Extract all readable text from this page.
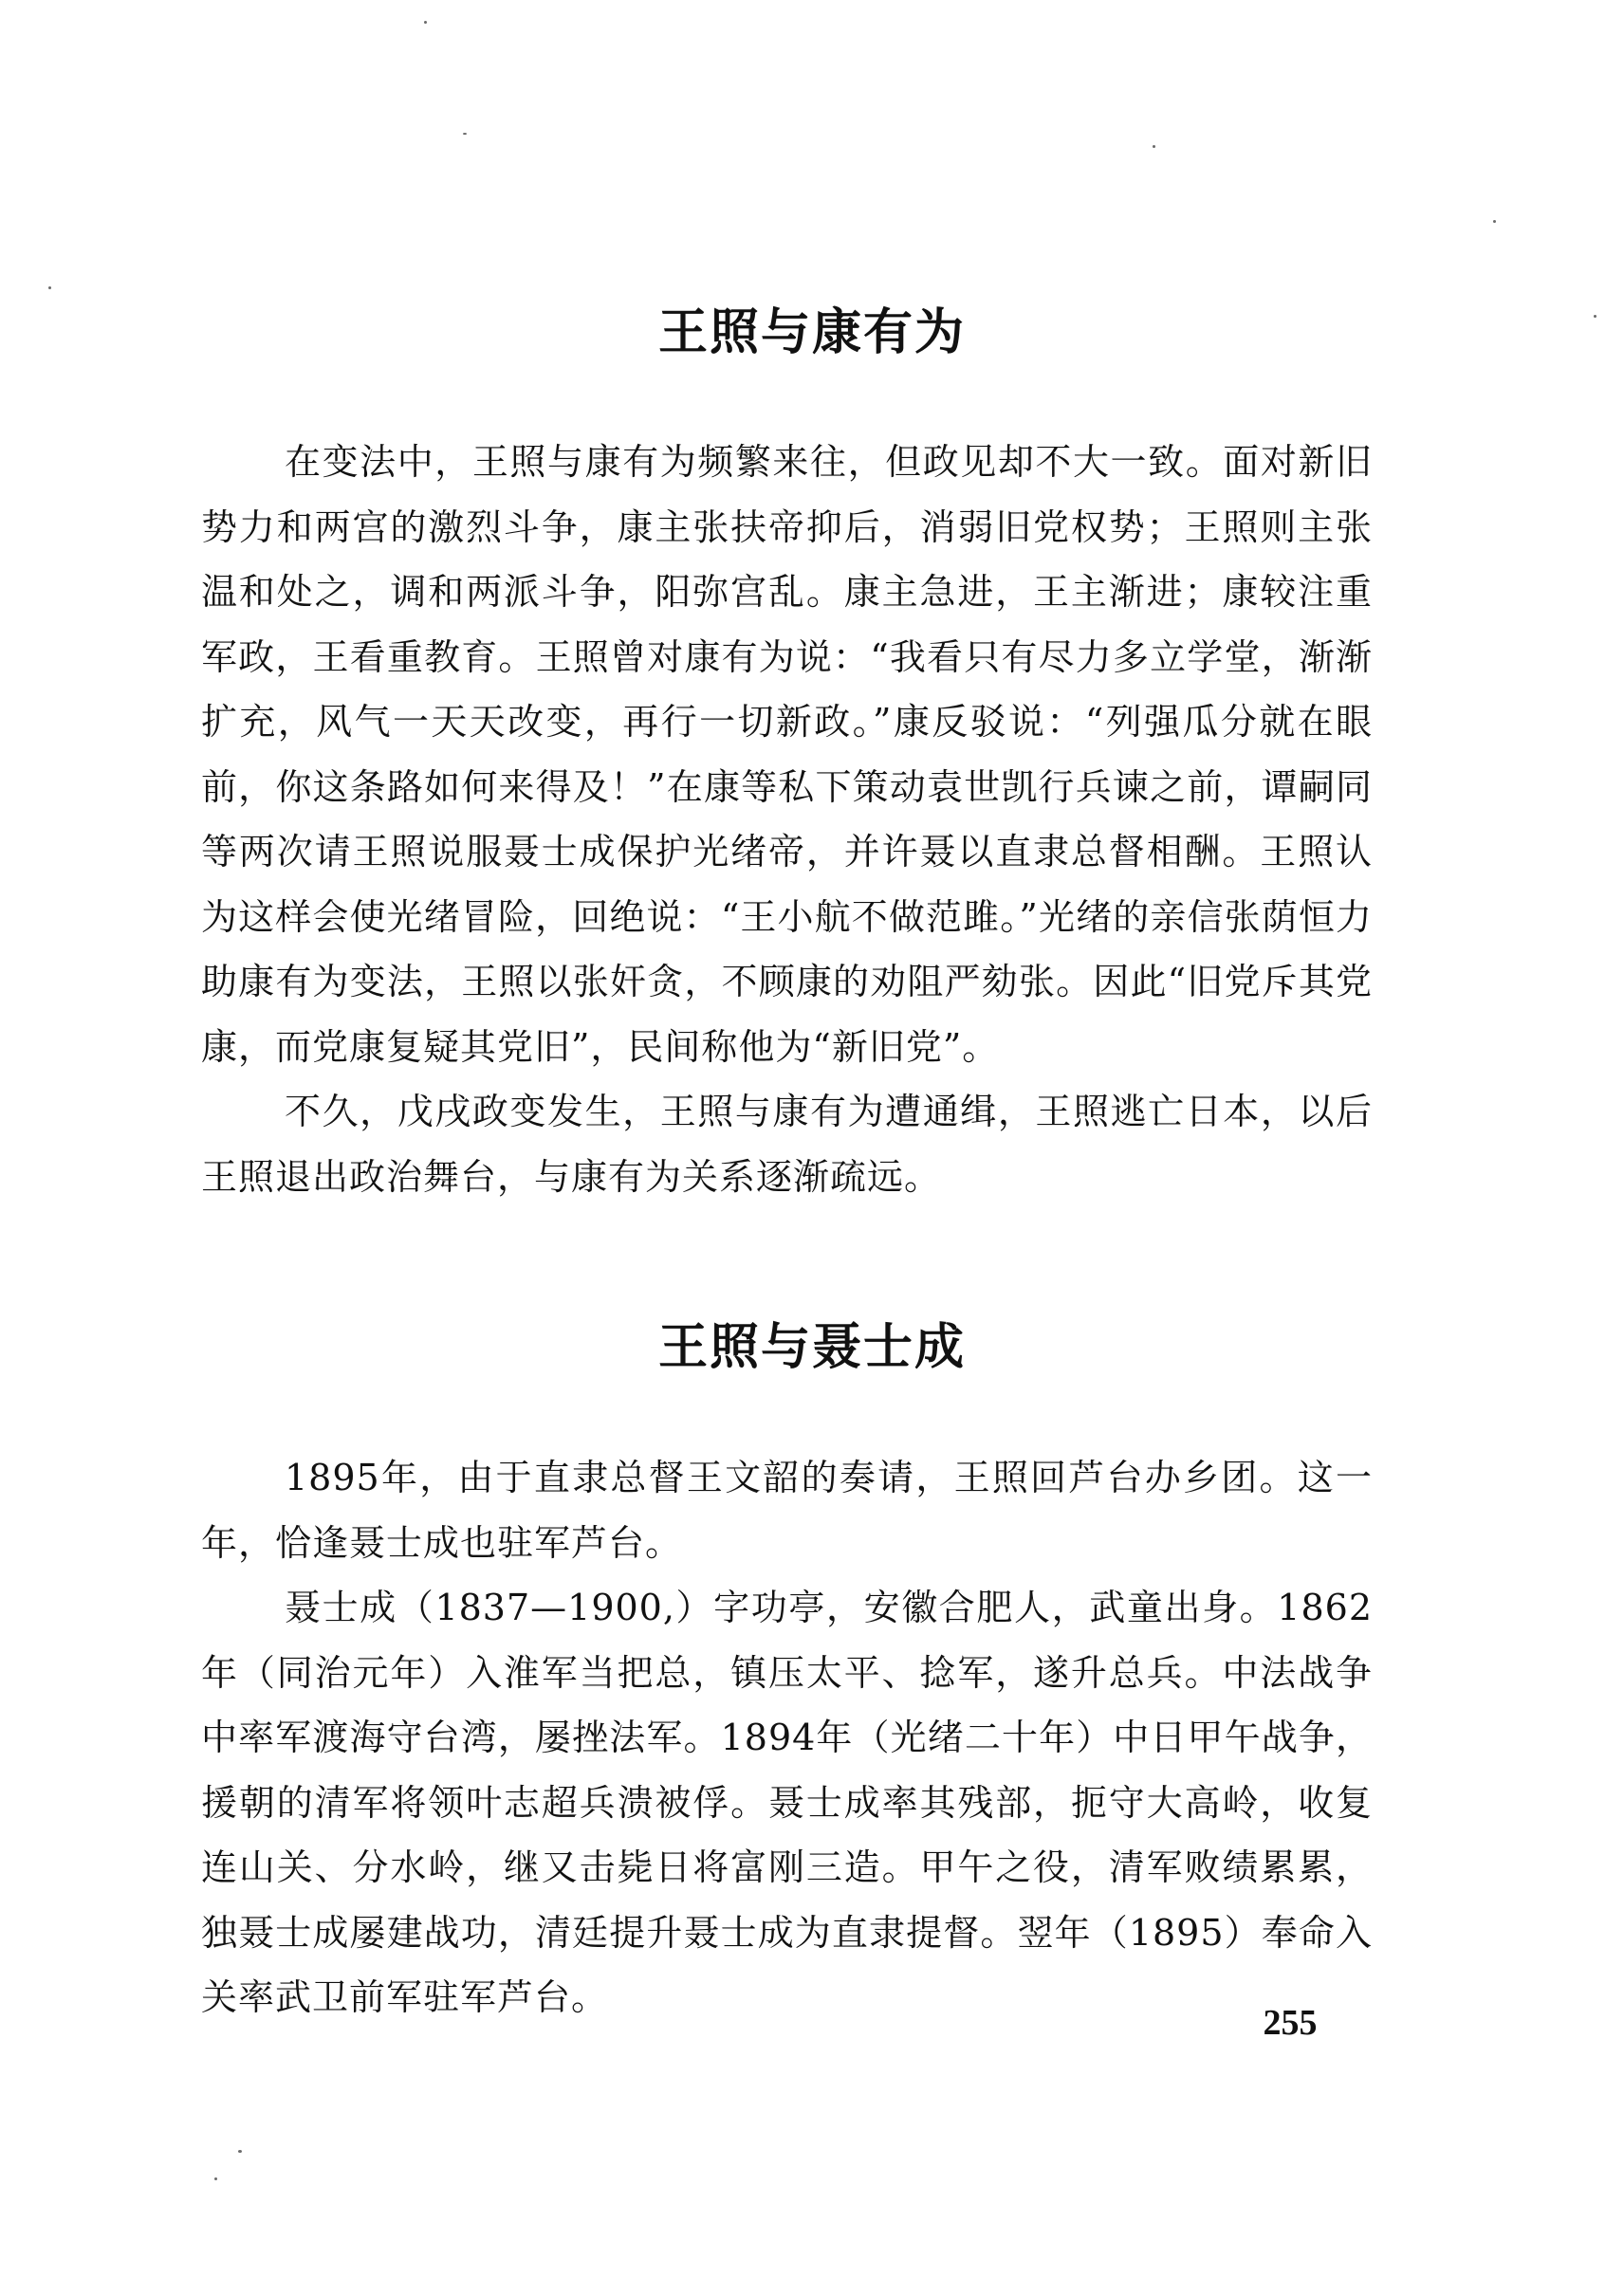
王照与康有为

在变法中，王照与康有为频繁来往，但政见却不大一致。面对新旧势力和两宫的激烈斗争，康主张扶帝抑后，消弱旧党权势；王照则主张温和处之，调和两派斗争，阳弥宫乱。康主急进，王主渐进；康较注重军政，王看重教育。王照曾对康有为说：“我看只有尽力多立学堂，渐渐扩充，风气一天天改变，再行一切新政。”康反驳说：“列强瓜分就在眼前，你这条路如何来得及！”在康等私下策动袁世凯行兵谏之前，谭嗣同等两次请王照说服聂士成保护光绪帝，并许聂以直隶总督相酬。王照认为这样会使光绪冒险，回绝说：“王小航不做范雎。”光绪的亲信张荫恒力助康有为变法，王照以张奸贪，不顾康的劝阻严劾张。因此“旧党斥其党康，而党康复疑其党旧”，民间称他为“新旧党”。

不久，戊戌政变发生，王照与康有为遭通缉，王照逃亡日本，以后王照退出政治舞台，与康有为关系逐渐疏远。

王照与聂士成

1895年，由于直隶总督王文韶的奏请，王照回芦台办乡团。这一年，恰逢聂士成也驻军芦台。

聂士成（1837—1900,）字功亭，安徽合肥人，武童出身。1862年（同治元年）入淮军当把总，镇压太平、捻军，遂升总兵。中法战争中率军渡海守台湾，屡挫法军。1894年（光绪二十年）中日甲午战争，援朝的清军将领叶志超兵溃被俘。聂士成率其残部，扼守大高岭，收复连山关、分水岭，继又击毙日将富刚三造。甲午之役，清军败绩累累，独聂士成屡建战功，清廷提升聂士成为直隶提督。翌年（1895）奉命入关率武卫前军驻军芦台。

255
